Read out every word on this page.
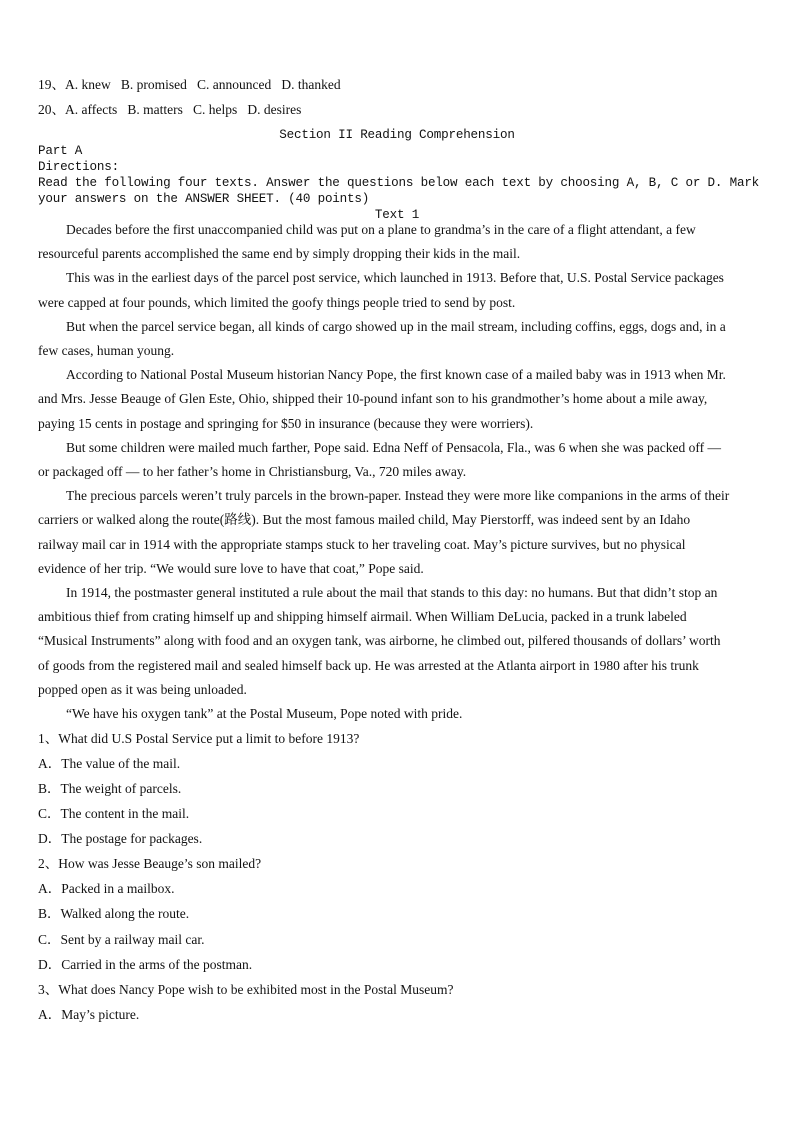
19、A. knew   B. promised   C. announced   D. thanked
20、A. affects   B. matters   C. helps   D. desires
Section II Reading Comprehension
Part A
Directions:
Read the following four texts. Answer the questions below each text by choosing A, B, C or D. Mark
your answers on the ANSWER SHEET. (40 points)
Text 1
Decades before the first unaccompanied child was put on a plane to grandma’s in the care of a flight attendant, a few
resourceful parents accomplished the same end by simply dropping their kids in the mail.
This was in the earliest days of the parcel post service, which launched in 1913. Before that, U.S. Postal Service packages
were capped at four pounds, which limited the goofy things people tried to send by post.
But when the parcel service began, all kinds of cargo showed up in the mail stream, including coffins, eggs, dogs and, in a
few cases, human young.
According to National Postal Museum historian Nancy Pope, the first known case of a mailed baby was in 1913 when Mr.
and Mrs. Jesse Beauge of Glen Este, Ohio, shipped their 10-pound infant son to his grandmother’s home about a mile away,
paying 15 cents in postage and springing for $50 in insurance (because they were worriers).
But some children were mailed much farther, Pope said. Edna Neff of Pensacola, Fla., was 6 when she was packed off —
or packaged off — to her father’s home in Christiansburg, Va., 720 miles away.
The precious parcels weren’t truly parcels in the brown-paper. Instead they were more like companions in the arms of their
carriers or walked along the route(路线). But the most famous mailed child, May Pierstorff, was indeed sent by an Idaho
railway mail car in 1914 with the appropriate stamps stuck to her traveling coat. May’s picture survives, but no physical
evidence of her trip. “We would sure love to have that coat,” Pope said.
In 1914, the postmaster general instituted a rule about the mail that stands to this day: no humans. But that didn’t stop an
ambitious thief from crating himself up and shipping himself airmail. When William DeLucia, packed in a trunk labeled
“Musical Instruments” along with food and an oxygen tank, was airborne, he climbed out, pilfered thousands of dollars’ worth
of goods from the registered mail and sealed himself back up. He was arrested at the Atlanta airport in 1980 after his trunk
popped open as it was being unloaded.
“We have his oxygen tank” at the Postal Museum, Pope noted with pride.
1、What did U.S Postal Service put a limit to before 1913?
A．The value of the mail.
B．The weight of parcels.
C．The content in the mail.
D．The postage for packages.
2、How was Jesse Beauge’s son mailed?
A．Packed in a mailbox.
B．Walked along the route.
C．Sent by a railway mail car.
D．Carried in the arms of the postman.
3、What does Nancy Pope wish to be exhibited most in the Postal Museum?
A．May’s picture.
